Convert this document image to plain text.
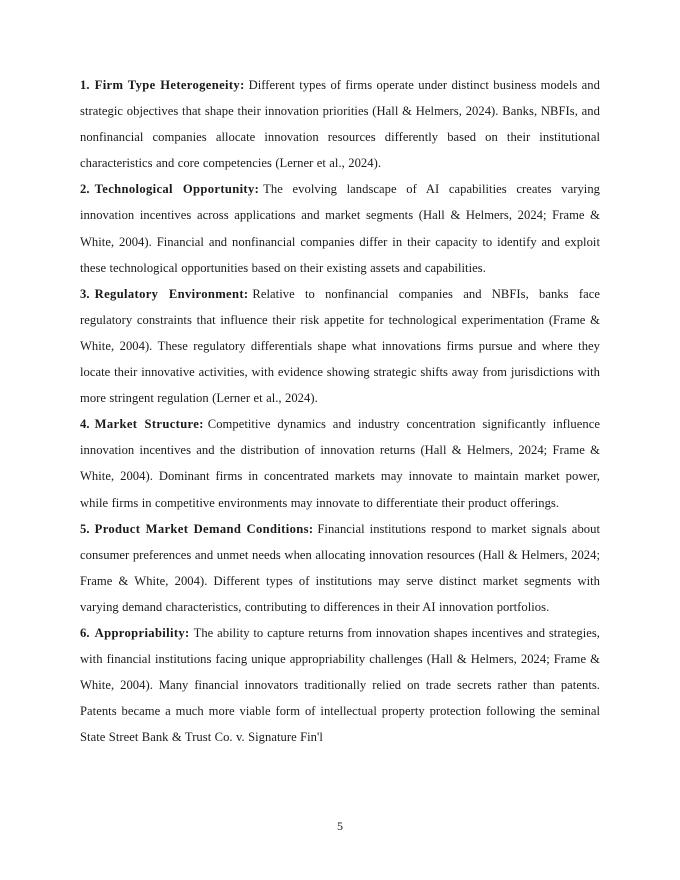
1. Firm Type Heterogeneity: Different types of firms operate under distinct business models and strategic objectives that shape their innovation priorities (Hall & Helmers, 2024). Banks, NBFIs, and nonfinancial companies allocate innovation resources differently based on their institutional characteristics and core competencies (Lerner et al., 2024).

2. Technological Opportunity: The evolving landscape of AI capabilities creates varying innovation incentives across applications and market segments (Hall & Helmers, 2024; Frame & White, 2004). Financial and nonfinancial companies differ in their capacity to identify and exploit these technological opportunities based on their existing assets and capabilities.

3. Regulatory Environment: Relative to nonfinancial companies and NBFIs, banks face regulatory constraints that influence their risk appetite for technological experimentation (Frame & White, 2004). These regulatory differentials shape what innovations firms pursue and where they locate their innovative activities, with evidence showing strategic shifts away from jurisdictions with more stringent regulation (Lerner et al., 2024).

4. Market Structure: Competitive dynamics and industry concentration significantly influence innovation incentives and the distribution of innovation returns (Hall & Helmers, 2024; Frame & White, 2004). Dominant firms in concentrated markets may innovate to maintain market power, while firms in competitive environments may innovate to differentiate their product offerings.

5. Product Market Demand Conditions: Financial institutions respond to market signals about consumer preferences and unmet needs when allocating innovation resources (Hall & Helmers, 2024; Frame & White, 2004). Different types of institutions may serve distinct market segments with varying demand characteristics, contributing to differences in their AI innovation portfolios.

6. Appropriability: The ability to capture returns from innovation shapes incentives and strategies, with financial institutions facing unique appropriability challenges (Hall & Helmers, 2024; Frame & White, 2004). Many financial innovators traditionally relied on trade secrets rather than patents. Patents became a much more viable form of intellectual property protection following the seminal State Street Bank & Trust Co. v. Signature Fin'l

5
